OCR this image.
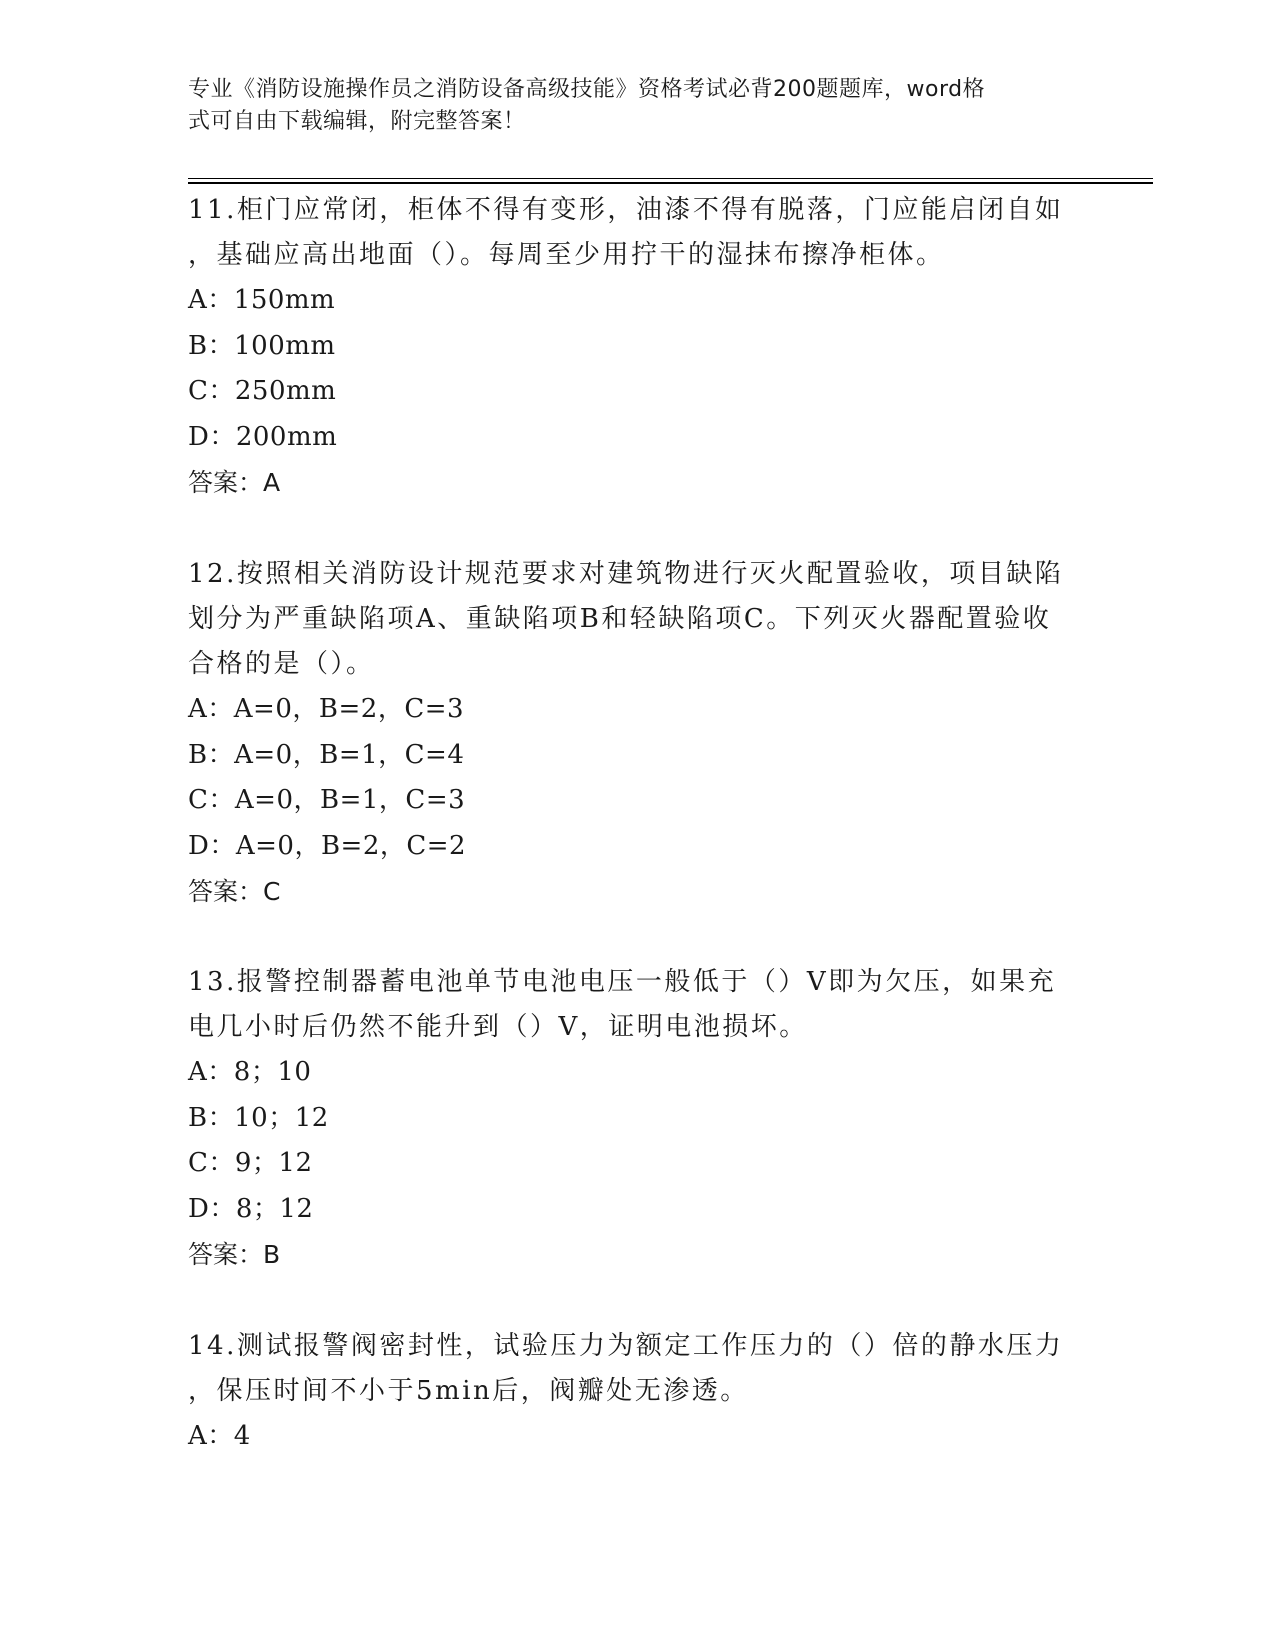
专业《消防设施操作员之消防设备高级技能》资格考试必背200题题库，word格
式可自由下载编辑，附完整答案！

11.柜门应常闭，柜体不得有变形，油漆不得有脱落，门应能启闭自如

，基础应高出地面（）。每周至少用拧干的湿抹布擦净柜体。

A：150mm

B：100mm

C：250mm

D：200mm

答案：A

12.按照相关消防设计规范要求对建筑物进行灭火配置验收，项目缺陷

划分为严重缺陷项A、重缺陷项B和轻缺陷项C。下列灭火器配置验收

合格的是（）。

A：A=0，B=2，C=3

B：A=0，B=1，C=4

C：A=0，B=1，C=3

D：A=0，B=2，C=2

答案：C

13.报警控制器蓄电池单节电池电压一般低于（）V即为欠压，如果充

电几小时后仍然不能升到（）V，证明电池损坏。

A：8；10

B：10；12

C：9；12

D：8；12

答案：B

14.测试报警阀密封性，试验压力为额定工作压力的（）倍的静水压力

，保压时间不小于5min后，阀瓣处无渗透。

A：4
